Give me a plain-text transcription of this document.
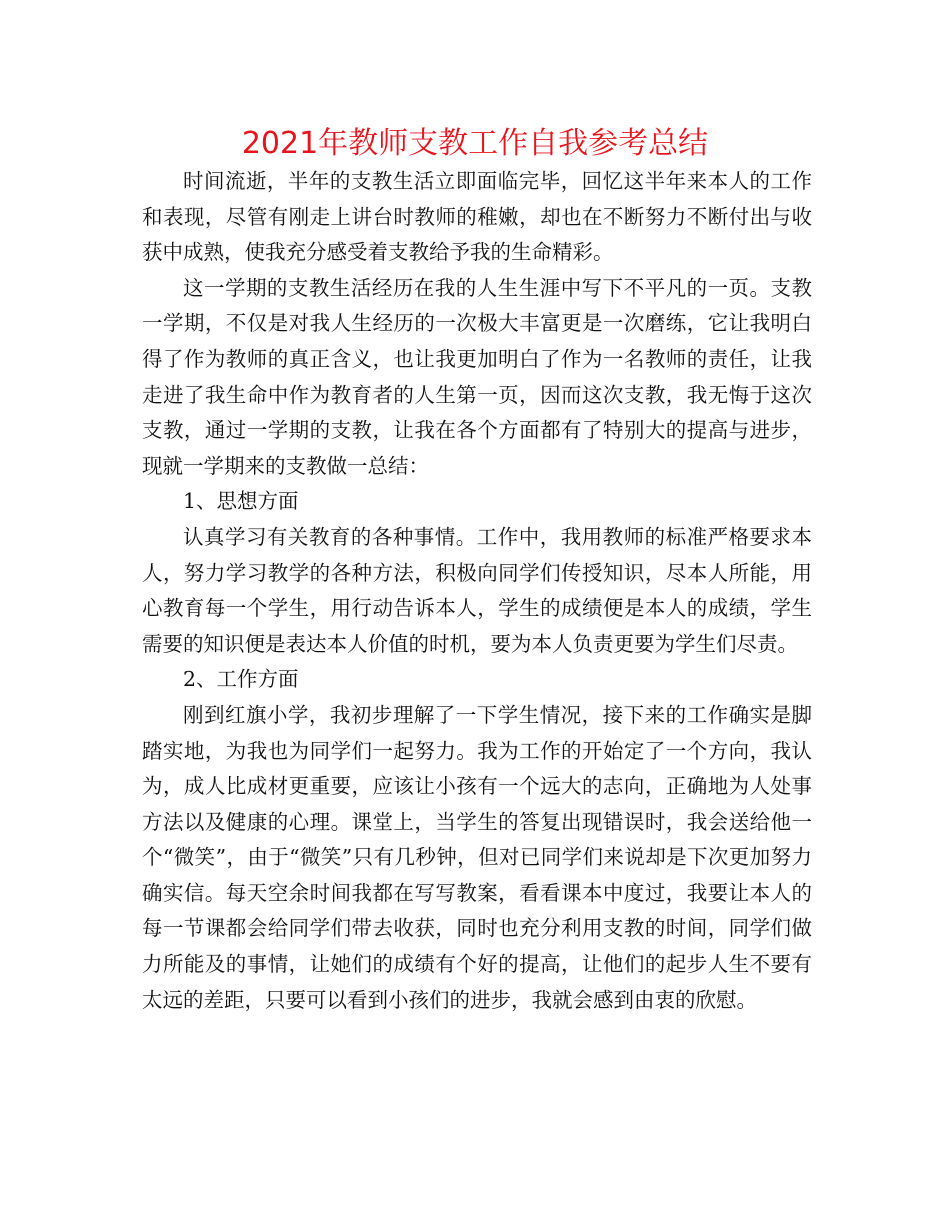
2021年教师支教工作自我参考总结

时间流逝，半年的支教生活立即面临完毕，回忆这半年来本人的工作和表现，尽管有刚走上讲台时教师的稚嫩，却也在不断努力不断付出与收获中成熟，使我充分感受着支教给予我的生命精彩。

这一学期的支教生活经历在我的人生生涯中写下不平凡的一页。支教一学期，不仅是对我人生经历的一次极大丰富更是一次磨练，它让我明白得了作为教师的真正含义，也让我更加明白了作为一名教师的责任，让我走进了我生命中作为教育者的人生第一页，因而这次支教，我无悔于这次支教，通过一学期的支教，让我在各个方面都有了特别大的提高与进步，现就一学期来的支教做一总结：

1、思想方面

认真学习有关教育的各种事情。工作中，我用教师的标准严格要求本人，努力学习教学的各种方法，积极向同学们传授知识，尽本人所能，用心教育每一个学生，用行动告诉本人，学生的成绩便是本人的成绩，学生需要的知识便是表达本人价值的时机，要为本人负责更要为学生们尽责。

2、工作方面

刚到红旗小学，我初步理解了一下学生情况，接下来的工作确实是脚踏实地，为我也为同学们一起努力。我为工作的开始定了一个方向，我认为，成人比成材更重要，应该让小孩有一个远大的志向，正确地为人处事方法以及健康的心理。课堂上，当学生的答复出现错误时，我会送给他一个“微笑”，由于“微笑”只有几秒钟，但对已同学们来说却是下次更加努力确实信。每天空余时间我都在写写教案，看看课本中度过，我要让本人的每一节课都会给同学们带去收获，同时也充分利用支教的时间，同学们做力所能及的事情，让她们的成绩有个好的提高，让他们的起步人生不要有太远的差距，只要可以看到小孩们的进步，我就会感到由衷的欣慰。
